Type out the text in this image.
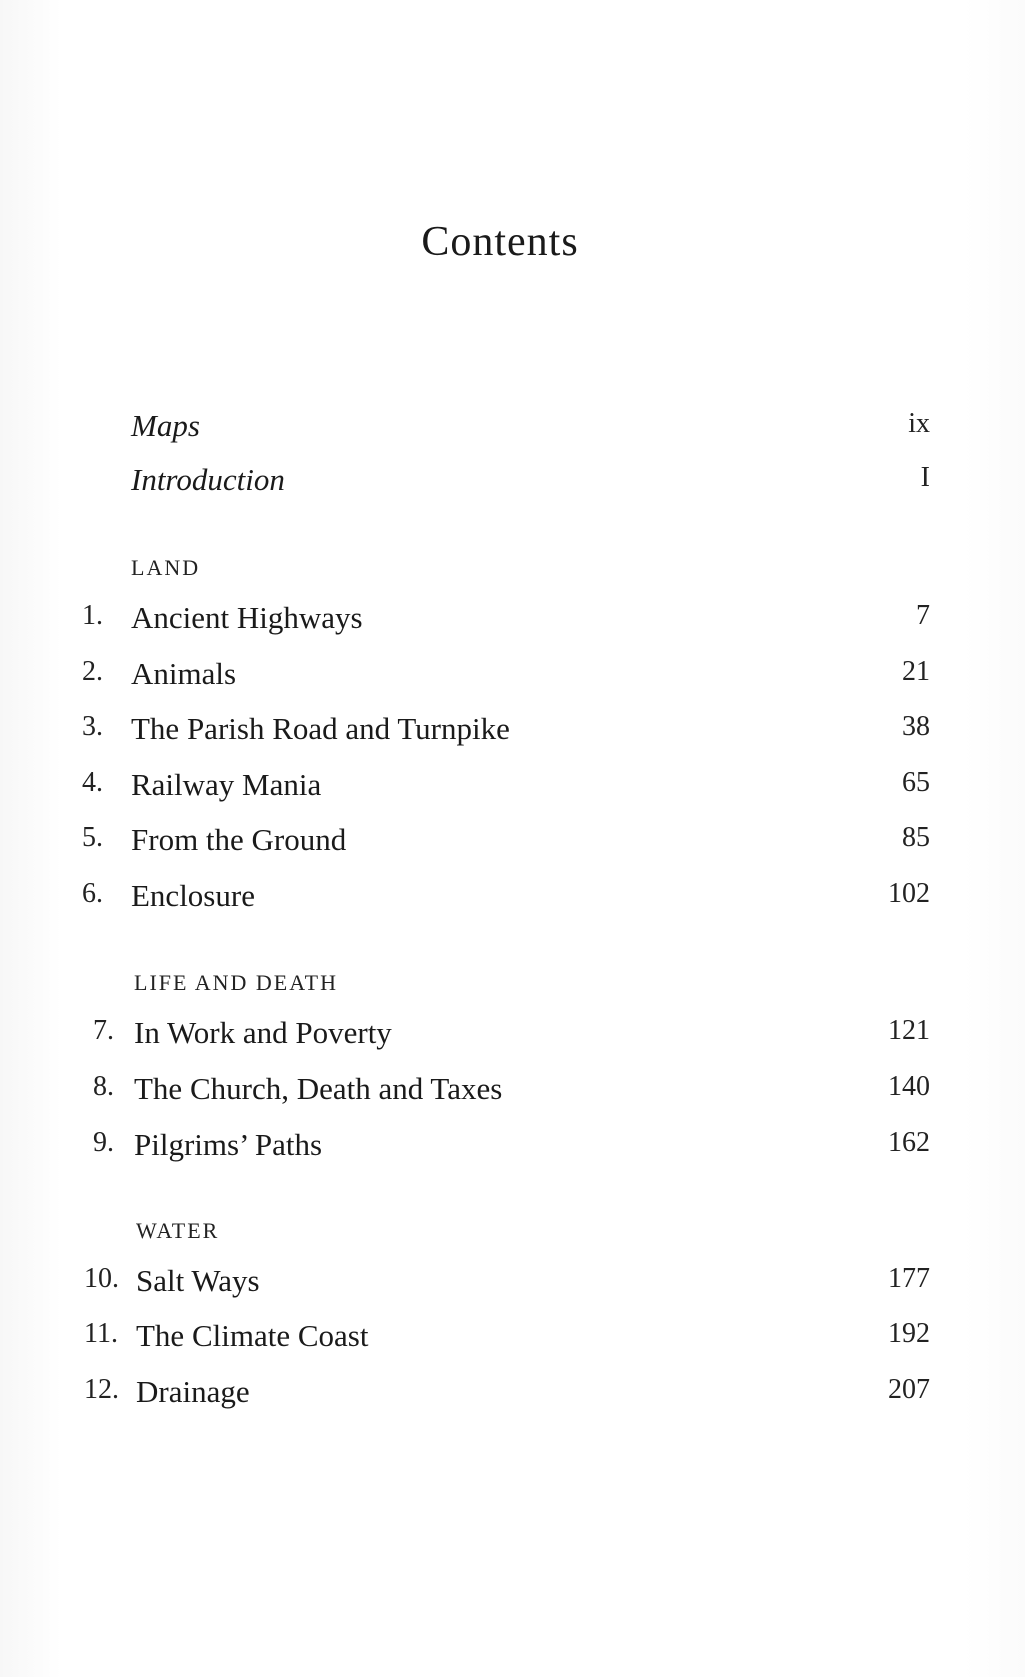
Contents
Maps	ix
Introduction	I
LAND
1. Ancient Highways	7
2. Animals	21
3. The Parish Road and Turnpike	38
4. Railway Mania	65
5. From the Ground	85
6. Enclosure	102
LIFE AND DEATH
7. In Work and Poverty	121
8. The Church, Death and Taxes	140
9. Pilgrims’ Paths	162
WATER
10. Salt Ways	177
11. The Climate Coast	192
12. Drainage	207
